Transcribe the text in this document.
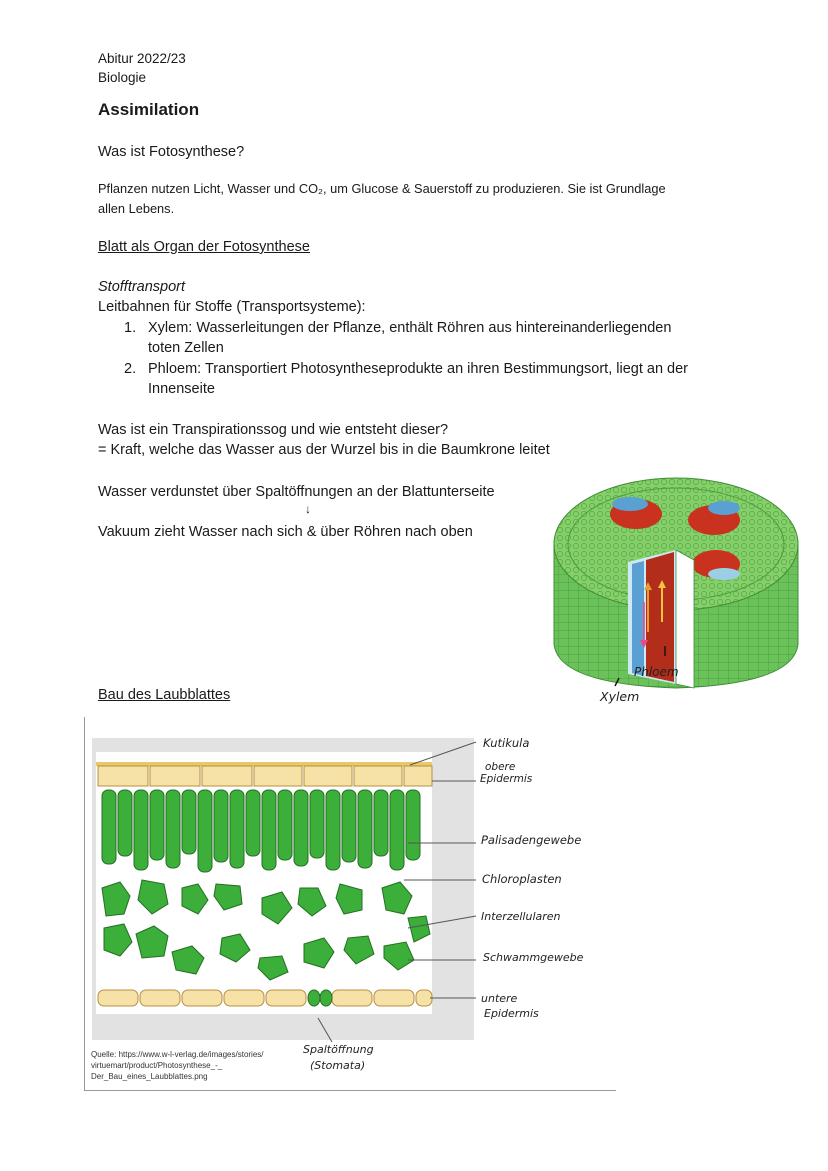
Abitur 2022/23
Biologie
Assimilation
Was ist Fotosynthese?
Pflanzen nutzen Licht, Wasser und CO₂, um Glucose & Sauerstoff zu produzieren. Sie ist Grundlage
allen Lebens.
Blatt als Organ der Fotosynthese
Stofftransport
Leitbahnen für Stoffe (Transportsysteme):
1. Xylem: Wasserleitungen der Pflanze, enthält Röhren aus hintereinanderliegenden
toten Zellen
2. Phloem: Transportiert Photosyntheseprodukte an ihren Bestimmungsort, liegt an der
Innenseite
Was ist ein Transpirationssog und wie entsteht dieser?
= Kraft, welche das Wasser aus der Wurzel bis in die Baumkrone leitet
Wasser verdunstet über Spaltöffnungen an der Blattunterseite
↓
Vakuum zieht Wasser nach sich & über Röhren nach oben
Phloem
Xylem
Bau des Laubblattes
Kutikula
obere
Epidermis
Palisadengewebe
Chloroplasten
Interzellularen
Schwammgewebe
untere
Epidermis
Spaltöffnung
(Stomata)
Quelle: https://www.w-l-verlag.de/images/stories/
virtuemart/product/Photosynthese_-_
Der_Bau_eines_Laubblattes.png
